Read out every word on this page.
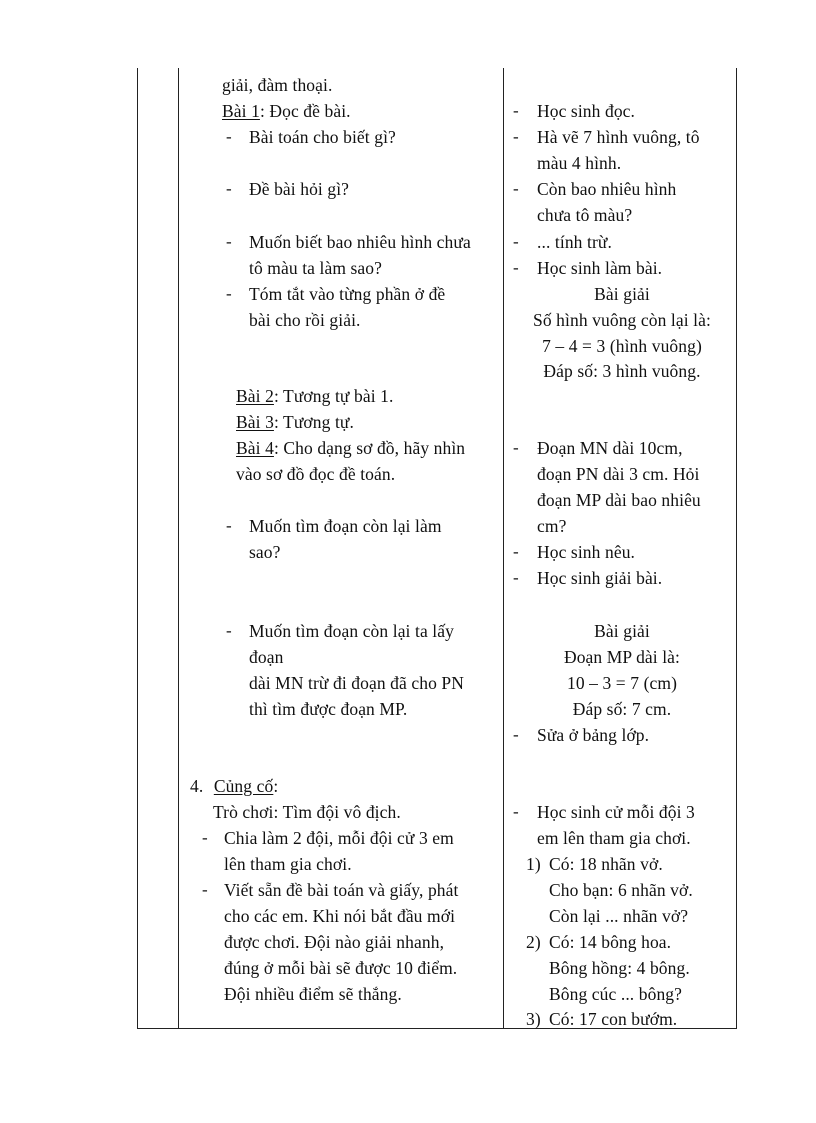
giải, đàm thoại.
Bài 1: Đọc đề bài.
- Bài toán cho biết gì?
- Đề bài hỏi gì?
- Muốn biết bao nhiêu hình chưa
tô màu ta làm sao?
- Tóm tắt vào từng phần ở đề
bài cho rồi giải.
Bài 2: Tương tự bài 1.
Bài 3: Tương tự.
Bài 4: Cho dạng sơ đồ, hãy nhìn
vào sơ đồ đọc đề toán.
- Muốn tìm đoạn còn lại làm
sao?
- Muốn tìm đoạn còn lại ta lấy
đoạn
dài MN trừ đi đoạn đã cho PN
thì tìm được đoạn MP.
4. Củng cố:
Trò chơi: Tìm đội vô địch.
- Chia làm 2 đội, mỗi đội cử 3 em
lên tham gia chơi.
- Viết sẵn đề bài toán và giấy, phát
cho các em. Khi nói bắt đầu mới
được chơi. Đội nào giải nhanh,
đúng ở mỗi bài sẽ được 10 điểm.
Đội nhiều điểm sẽ thắng.
- Học sinh đọc.
- Hà vẽ 7 hình vuông, tô
màu 4 hình.
- Còn bao nhiêu hình
chưa tô màu?
- ... tính trừ.
- Học sinh làm bài.
Bài giải
Số hình vuông còn lại là:
7 – 4 = 3 (hình vuông)
Đáp số: 3 hình vuông.
- Đoạn MN dài 10cm,
đoạn PN dài 3 cm. Hỏi
đoạn MP dài bao nhiêu
cm?
- Học sinh nêu.
- Học sinh giải bài.
Bài giải
Đoạn MP dài là:
10 – 3 = 7 (cm)
Đáp số: 7 cm.
- Sửa ở bảng lớp.
- Học sinh cử mỗi đội 3
em lên tham gia chơi.
1) Có: 18 nhãn vở.
Cho bạn: 6 nhãn vở.
Còn lại ... nhãn vở?
2) Có: 14 bông hoa.
Bông hồng: 4 bông.
Bông cúc ... bông?
3) Có: 17 con bướm.
